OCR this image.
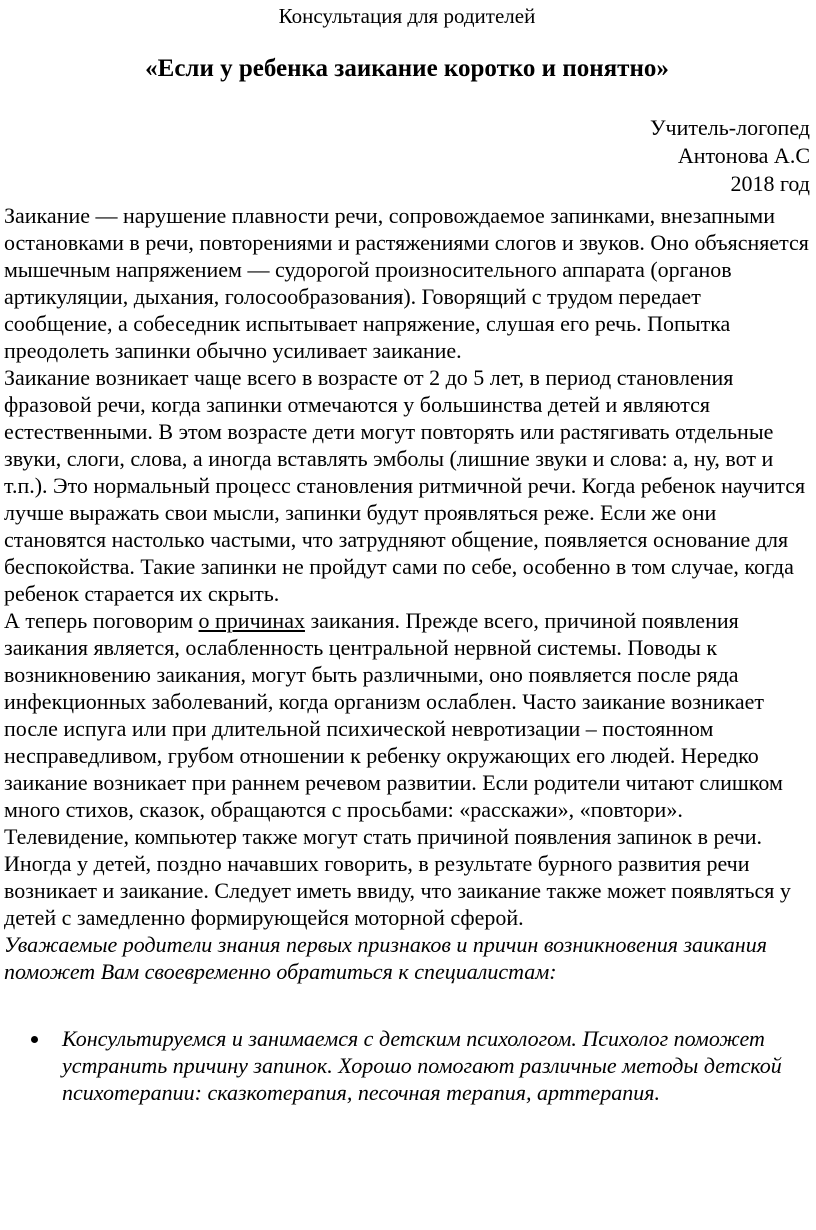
Консультация для родителей
«Если у ребенка заикание коротко и понятно»
Учитель-логопед
Антонова А.С
2018 год

Заикание — нарушение плавности речи, сопровождаемое запинками, внезапными остановками в речи, повторениями и растяжениями слогов и звуков. Оно объясняется мышечным напряжением — судорогой произносительного аппарата (органов артикуляции, дыхания, голосообразования). Говорящий с трудом передает сообщение, а собеседник испытывает напряжение, слушая его речь. Попытка преодолеть запинки обычно усиливает заикание.

Заикание возникает чаще всего в возрасте от 2 до 5 лет, в период становления фразовой речи, когда запинки отмечаются у большинства детей и являются естественными. В этом возрасте дети могут повторять или растягивать отдельные звуки, слоги, слова, а иногда вставлять эмболы (лишние звуки и слова: а, ну, вот и т.п.). Это нормальный процесс становления ритмичной речи. Когда ребенок научится лучше выражать свои мысли, запинки будут проявляться реже. Если же они становятся настолько частыми, что затрудняют общение, появляется основание для беспокойства. Такие запинки не пройдут сами по себе, особенно в том случае, когда ребенок старается их скрыть.

А теперь поговорим о причинах заикания. Прежде всего, причиной появления заикания является, ослабленность центральной нервной системы. Поводы к возникновению заикания, могут быть различными, оно появляется после ряда инфекционных заболеваний, когда организм ослаблен. Часто заикание возникает после испуга или при длительной психической невротизации – постоянном несправедливом, грубом отношении к ребенку окружающих его людей. Нередко заикание возникает при раннем речевом развитии. Если родители читают слишком много стихов, сказок, обращаются с просьбами: «расскажи», «повтори». Телевидение, компьютер также могут стать причиной появления запинок в речи. Иногда у детей, поздно начавших говорить, в результате бурного развития речи возникает и заикание. Следует иметь ввиду, что заикание также может появляться у детей с замедленно формирующейся моторной сферой.

Уважаемые родители знания первых признаков и причин возникновения заикания поможет Вам своевременно обратиться к специалистам:

Консультируемся и занимаемся с детским психологом. Психолог поможет устранить причину запинок. Хорошо помогают различные методы детской психотерапии: сказкотерапия, песочная терапия, арттерапия.
